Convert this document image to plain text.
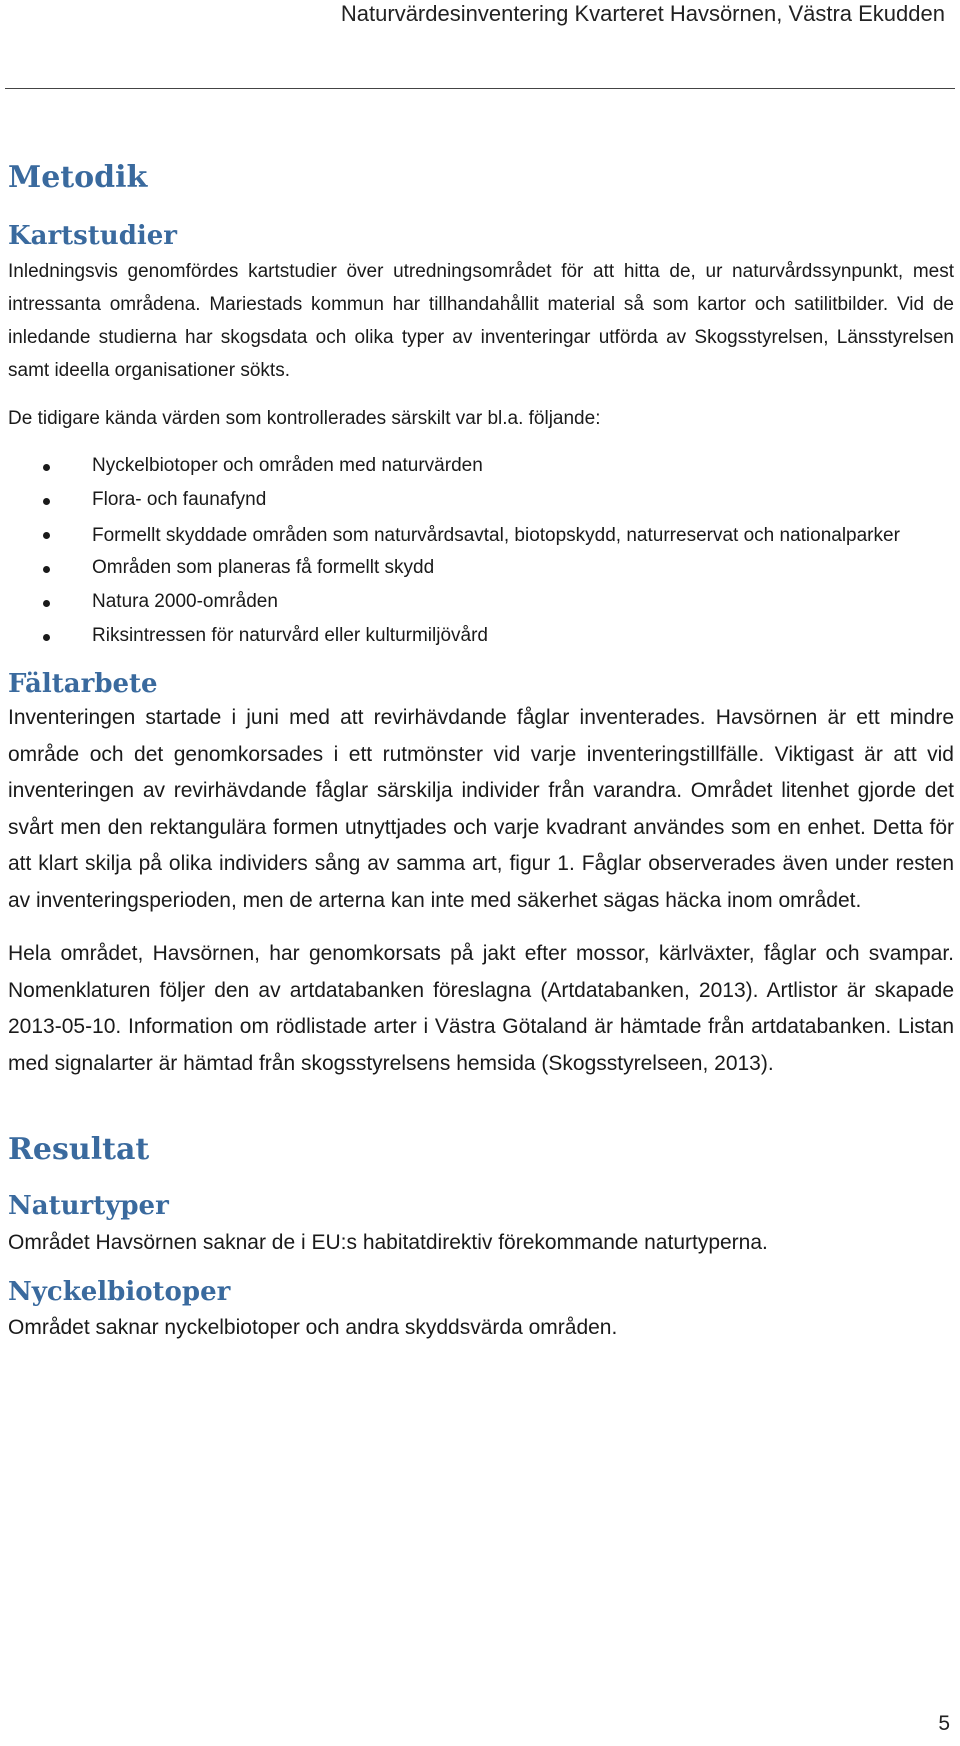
Naturvärdesinventering Kvarteret Havsörnen, Västra Ekudden
Metodik
Kartstudier

Inledningsvis genomfördes kartstudier över utredningsområdet för att hitta de, ur naturvårdssynpunkt, mest intressanta områdena. Mariestads kommun har tillhandahållit material så som kartor och satilitbilder. Vid de inledande studierna har skogsdata och olika typer av inventeringar utförda av Skogsstyrelsen, Länsstyrelsen samt ideella organisationer sökts.

De tidigare kända värden som kontrollerades särskilt var bl.a. följande:

Nyckelbiotoper och områden med naturvärden
Flora- och faunafynd
Formellt skyddade områden som naturvårdsavtal, biotopskydd, naturreservat och nationalparker
Områden som planeras få formellt skydd
Natura 2000-områden
Riksintressen för naturvård eller kulturmiljövård
Fältarbete

Inventeringen startade i juni med att revirhävdande fåglar inventerades. Havsörnen är ett mindre område och det genomkorsades i ett rutmönster vid varje inventeringstillfälle. Viktigast är att vid inventeringen av revirhävdande fåglar särskilja individer från varandra. Området litenhet gjorde det svårt men den rektangulära formen utnyttjades och varje kvadrant användes som en enhet. Detta för att klart skilja på olika individers sång av samma art, figur 1. Fåglar observerades även under resten av inventeringsperioden, men de arterna kan inte med säkerhet sägas häcka inom området.

Hela området, Havsörnen, har genomkorsats på jakt efter mossor, kärlväxter, fåglar och svampar. Nomenklaturen följer den av artdatabanken föreslagna (Artdatabanken, 2013). Artlistor är skapade 2013-05-10. Information om rödlistade arter i Västra Götaland är hämtade från artdatabanken. Listan med signalarter är hämtad från skogsstyrelsens hemsida (Skogsstyrelseen, 2013).

Resultat
Naturtyper

Området Havsörnen saknar de i EU:s habitatdirektiv förekommande naturtyperna.

Nyckelbiotoper

Området saknar nyckelbiotoper och andra skyddsvärda områden.

5
